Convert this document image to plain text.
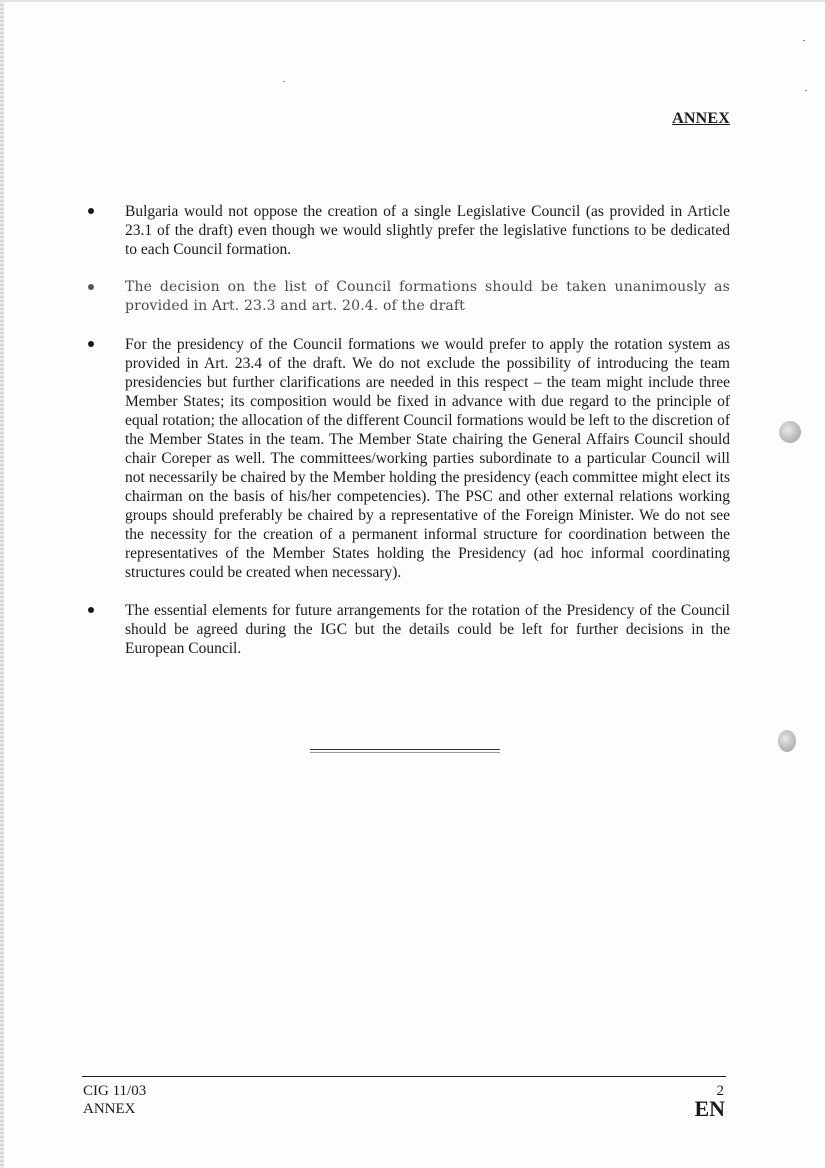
ANNEX
Bulgaria would not oppose the creation of a single Legislative Council (as provided in Article 23.1 of the draft) even though we would slightly prefer the legislative functions to be dedicated to each Council formation.
The decision on the list of Council formations should be taken unanimously as provided in Art. 23.3 and art. 20.4. of the draft
For the presidency of the Council formations we would prefer to apply the rotation system as provided in Art. 23.4 of the draft. We do not exclude the possibility of introducing the team presidencies but further clarifications are needed in this respect – the team might include three Member States; its composition would be fixed in advance with due regard to the principle of equal rotation; the allocation of the different Council formations would be left to the discretion of the Member States in the team. The Member State chairing the General Affairs Council should chair Coreper as well. The committees/working parties subordinate to a particular Council will not necessarily be chaired by the Member holding the presidency (each committee might elect its chairman on the basis of his/her competencies). The PSC and other external relations working groups should preferably be chaired by a representative of the Foreign Minister. We do not see the necessity for the creation of a permanent informal structure for coordination between the representatives of the Member States holding the Presidency (ad hoc informal coordinating structures could be created when necessary).
The essential elements for future arrangements for the rotation of the Presidency of the Council should be agreed during the IGC but the details could be left for further decisions in the European Council.
CIG 11/03
ANNEX
2
EN
